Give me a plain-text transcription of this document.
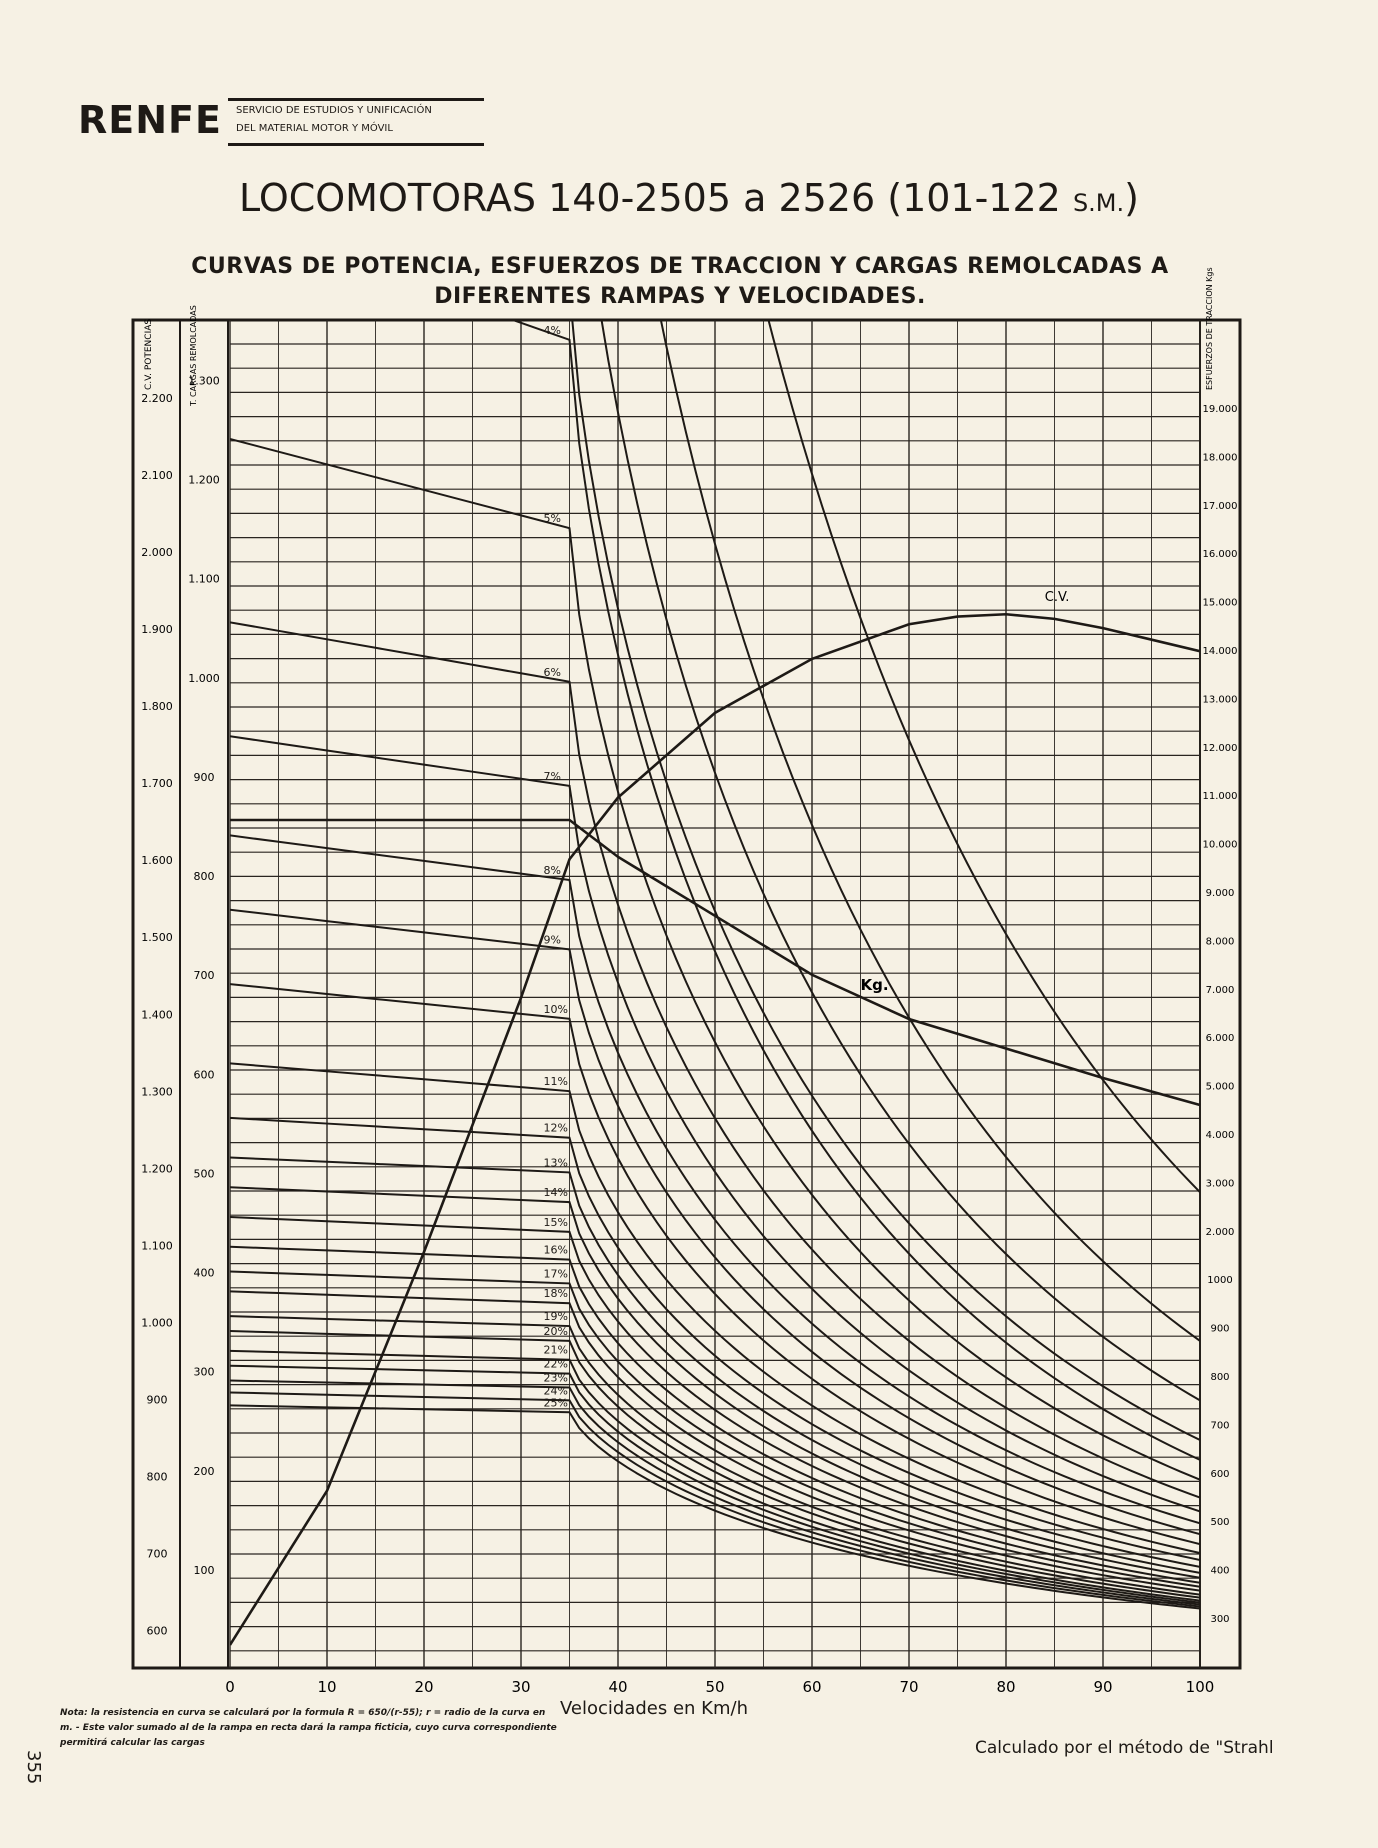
RENFE SERVICIO DE ESTUDIOS Y UNIFICACIÓN
DEL MATERIAL MOTOR Y MÓVIL
LOCOMOTORAS 140-2505 a 2526 (101-122 S.M.)
CURVAS DE POTENCIA, ESFUERZOS DE TRACCION Y CARGAS REMOLCADAS A
DIFERENTES RAMPAS Y VELOCIDADES.
0	10	20	30	40	50	60	70	80	90	100
600
700
800
900
1.000
1.100
1.200
1.300
1.400
1.500
1.600
1.700
1.800
1.900
2.000
2.100
2.200
C.V. POTENCIAS
100
200
300
400
500
600
700
800
900
1.000
1.100
1.200
1.300
T. CARGAS REMOLCADAS
300
400
500
600
700
800
900
1000
2.000
3.000
4.000
5.000
6.000
7.000
8.000
9.000
10.000
11.000
12.000
13.000
14.000
15.000
16.000
17.000
18.000
19.000
ESFUERZOS DE TRACCION Kgs
4%
5%
6%
7%
8%
9%
10%
11%
12%
13%
14%
15%
16%
17%
18%
19%
20%
21%
22%
23%
24%
25%
C.V.
Kg.
Velocidades en Km/h
Nota: la resistencia en curva se calculará por la formula R = 650/(r-55); r = radio de la curva en m. - Este valor sumado al de la rampa en recta dará la rampa ficticia, cuyo curva correspondiente permitirá calcular las cargas	Calculado por el método de "Strahl
355
